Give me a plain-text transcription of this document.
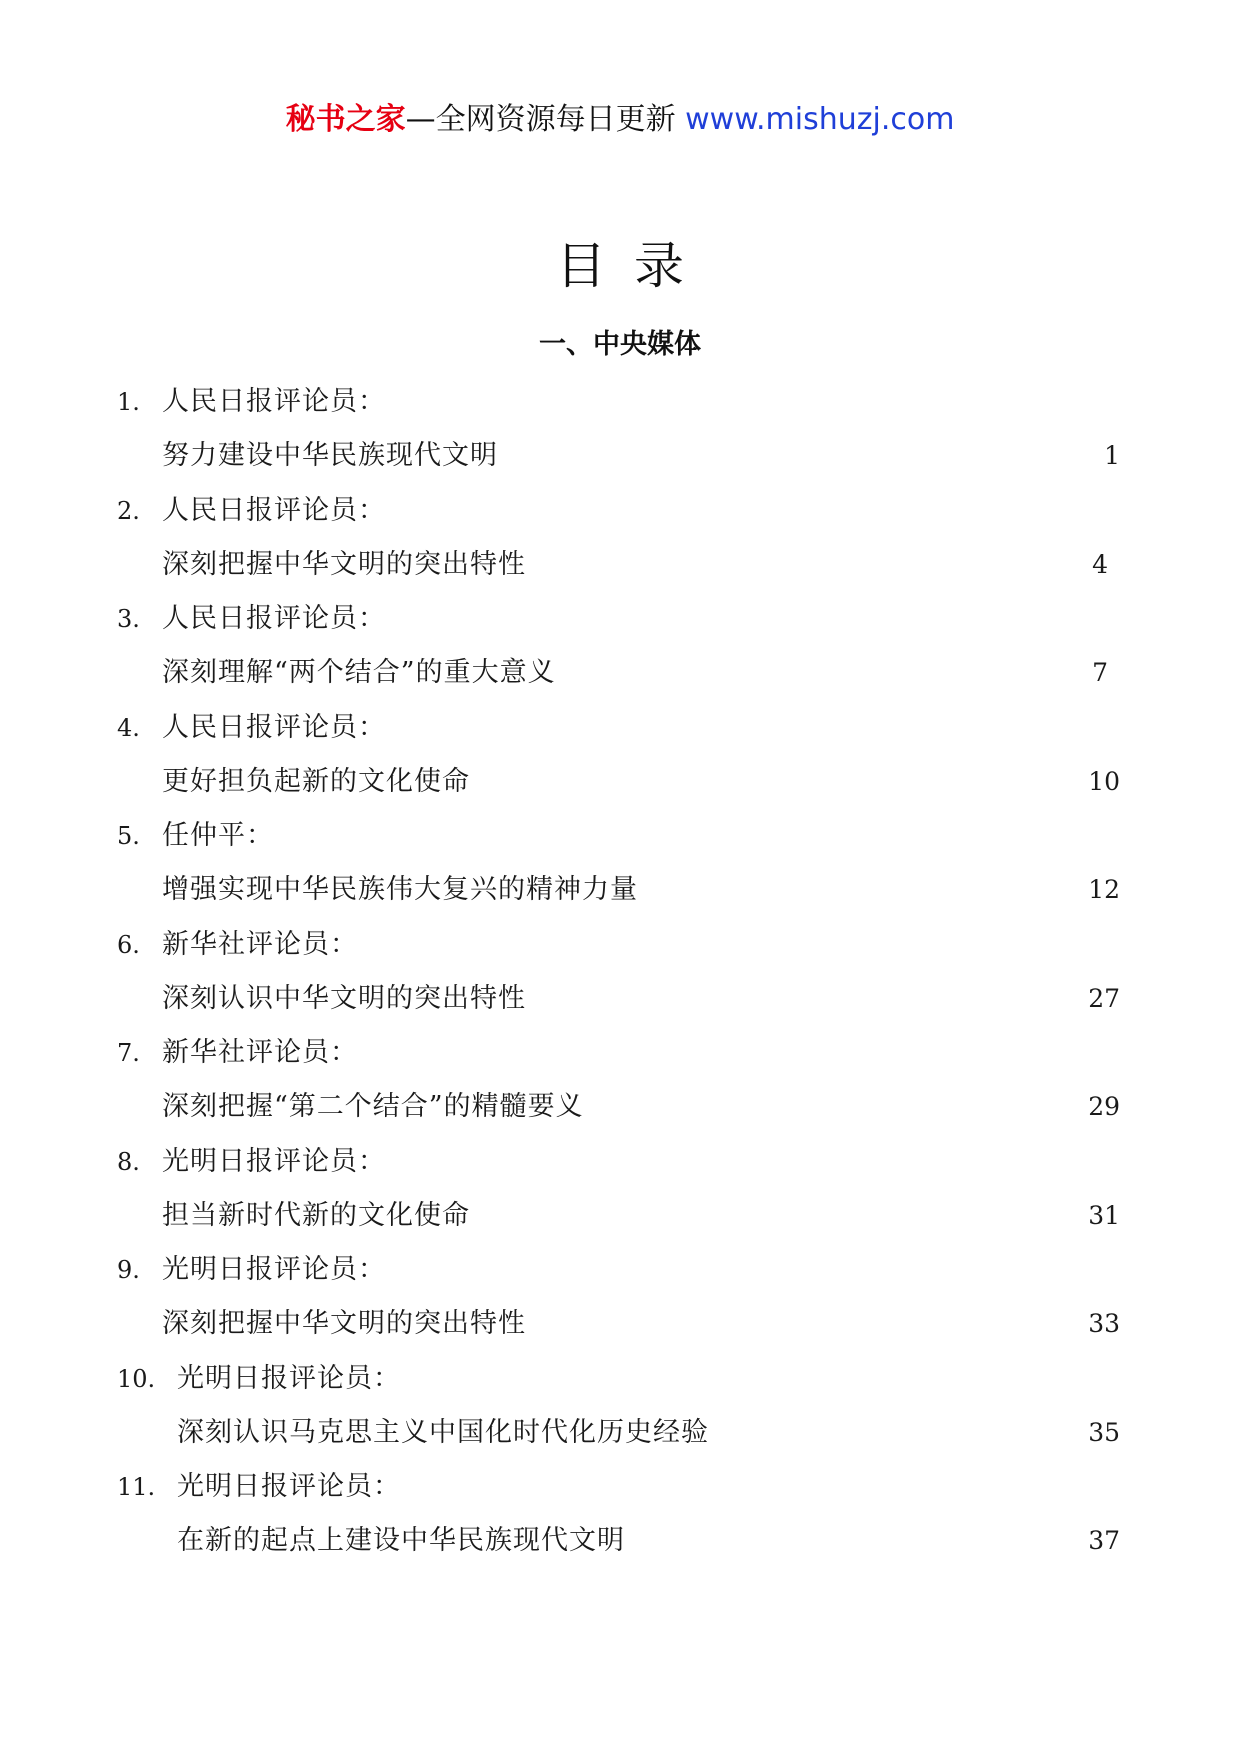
秘书之家—全网资源每日更新 www.mishuzj.com
目录
一、中央媒体
1. 人民日报评论员：
努力建设中华民族现代文明	1
2. 人民日报评论员：
深刻把握中华文明的突出特性	4
3. 人民日报评论员：
深刻理解“两个结合”的重大意义	7
4. 人民日报评论员：
更好担负起新的文化使命	10
5. 任仲平：
增强实现中华民族伟大复兴的精神力量	12
6. 新华社评论员：
深刻认识中华文明的突出特性	27
7. 新华社评论员：
深刻把握“第二个结合”的精髓要义	29
8. 光明日报评论员：
担当新时代新的文化使命	31
9. 光明日报评论员：
深刻把握中华文明的突出特性	33
10. 光明日报评论员：
深刻认识马克思主义中国化时代化历史经验	35
11. 光明日报评论员：
在新的起点上建设中华民族现代文明	37
